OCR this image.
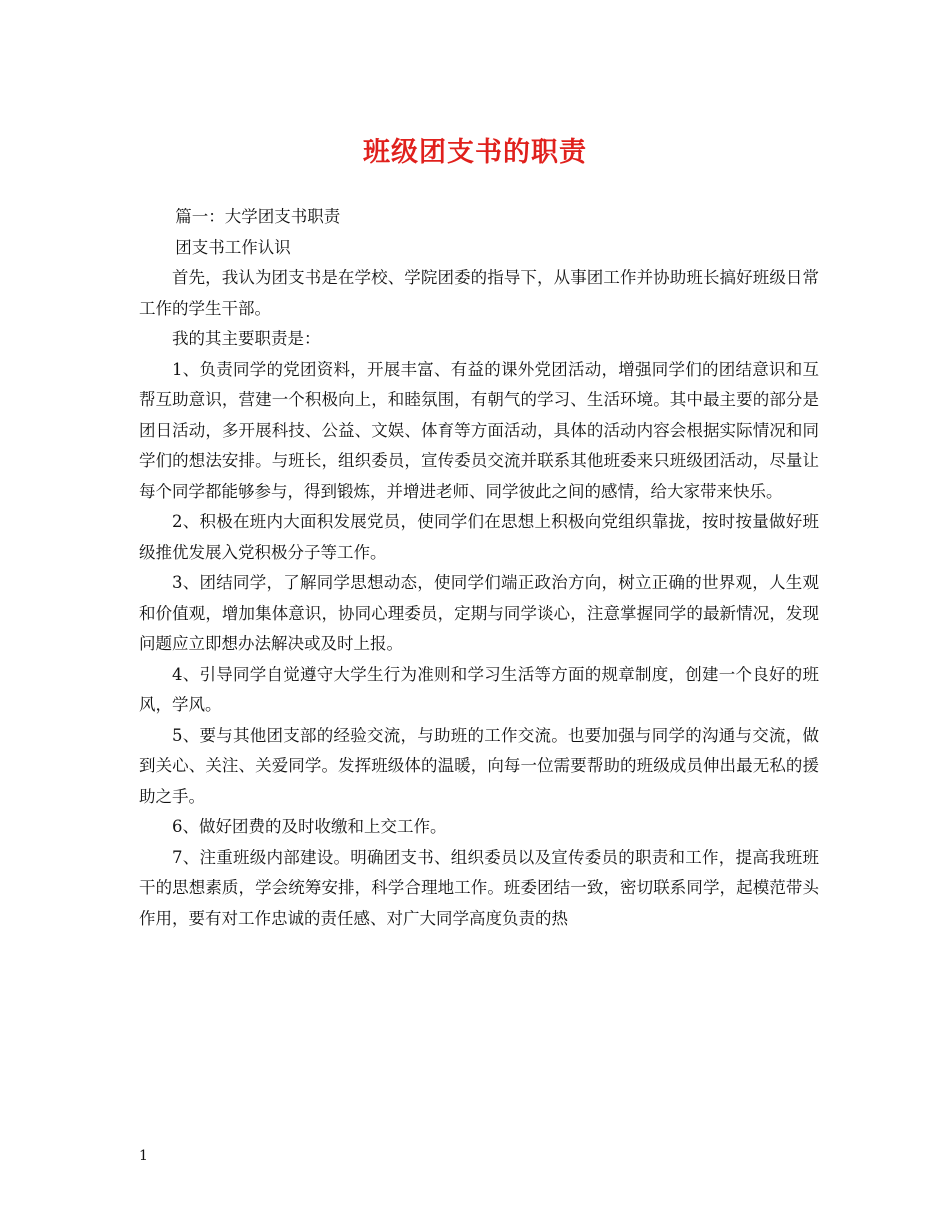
班级团支书的职责

篇一：大学团支书职责

团支书工作认识

首先，我认为团支书是在学校、学院团委的指导下，从事团工作并协助班长搞好班级日常工作的学生干部。

我的其主要职责是：

1、负责同学的党团资料，开展丰富、有益的课外党团活动，增强同学们的团结意识和互帮互助意识，营建一个积极向上，和睦氛围，有朝气的学习、生活环境。其中最主要的部分是团日活动，多开展科技、公益、文娱、体育等方面活动，具体的活动内容会根据实际情况和同学们的想法安排。与班长，组织委员，宣传委员交流并联系其他班委来只班级团活动，尽量让每个同学都能够参与，得到锻炼，并增进老师、同学彼此之间的感情，给大家带来快乐。

2、积极在班内大面积发展党员，使同学们在思想上积极向党组织靠拢，按时按量做好班级推优发展入党积极分子等工作。

3、团结同学，了解同学思想动态，使同学们端正政治方向，树立正确的世界观，人生观和价值观，增加集体意识，协同心理委员，定期与同学谈心，注意掌握同学的最新情况，发现问题应立即想办法解决或及时上报。

4、引导同学自觉遵守大学生行为准则和学习生活等方面的规章制度，创建一个良好的班风，学风。

5、要与其他团支部的经验交流，与助班的工作交流。也要加强与同学的沟通与交流，做到关心、关注、关爱同学。发挥班级体的温暖，向每一位需要帮助的班级成员伸出最无私的援助之手。

6、做好团费的及时收缴和上交工作。

7、注重班级内部建设。明确团支书、组织委员以及宣传委员的职责和工作，提高我班班干的思想素质，学会统筹安排，科学合理地工作。班委团结一致，密切联系同学，起模范带头作用，要有对工作忠诚的责任感、对广大同学高度负责的热

1
